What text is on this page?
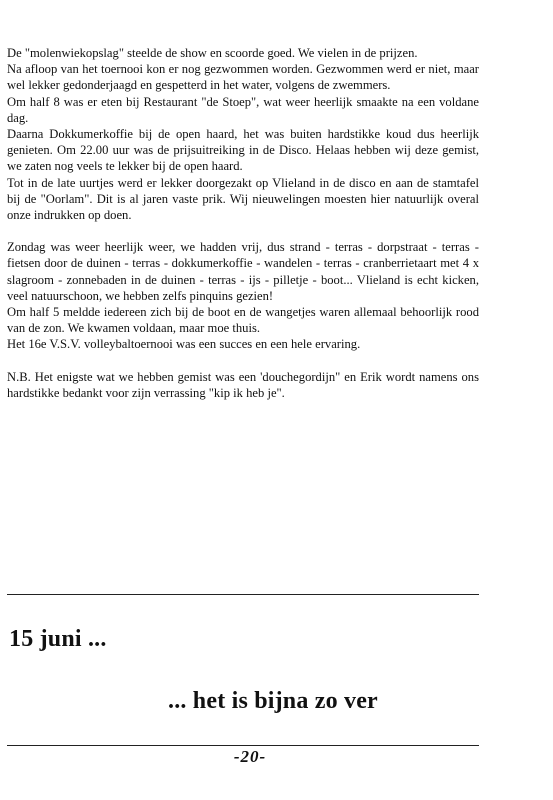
De "molenwiekopslag" steelde de show en scoorde goed. We vielen in de prijzen.

Na afloop van het toernooi kon er nog gezwommen worden. Gezwommen werd er niet, maar wel lekker gedonderjaagd en gespetterd in het water, volgens de zwemmers.

Om half 8 was er eten bij Restaurant "de Stoep", wat weer heerlijk smaakte na een voldane dag.

Daarna Dokkumerkoffie bij de open haard, het was buiten hardstikke koud dus heerlijk genieten. Om 22.00 uur was de prijsuitreiking in de Disco. Helaas hebben wij deze gemist, we zaten nog veels te lekker bij de open haard.

Tot in de late uurtjes werd er lekker doorgezakt op Vlieland in de disco en aan de stamtafel bij de "Oorlam". Dit is al jaren vaste prik. Wij nieuwelingen moesten hier natuurlijk overal onze indrukken op doen.

Zondag was weer heerlijk weer, we hadden vrij, dus strand - terras - dorpstraat - terras - fietsen door de duinen - terras - dokkumerkoffie - wandelen - terras - cranberrietaart met 4 x slagroom - zonnebaden in de duinen - terras - ijs - pilletje - boot... Vlieland is echt kicken, veel natuurschoon, we hebben zelfs pinquins gezien!

Om half 5 meldde iedereen zich bij de boot en de wangetjes waren allemaal behoorlijk rood van de zon. We kwamen voldaan, maar moe thuis.

Het 16e V.S.V. volleybaltoernooi was een succes en een hele ervaring.

N.B. Het enigste wat we hebben gemist was een 'douchegordijn" en Erik wordt namens ons hardstikke bedankt voor zijn verrassing "kip ik heb je".

15 juni ...
... het is bijna zo ver
-20-
